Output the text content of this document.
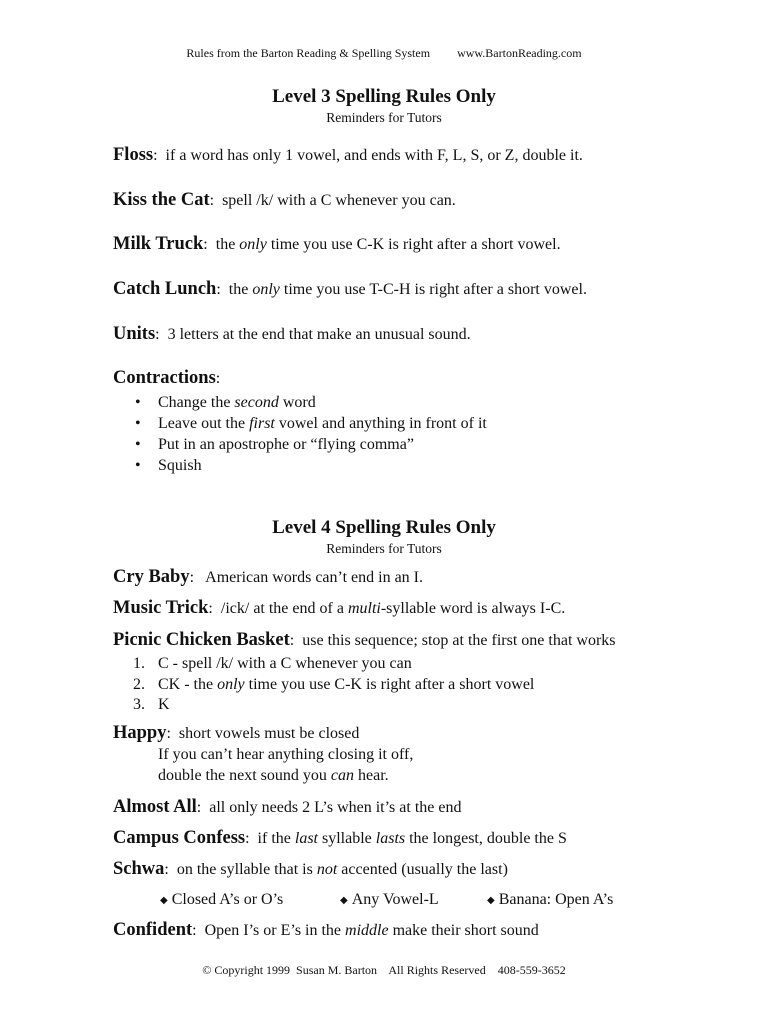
Rules from the Barton Reading & Spelling System www.BartonReading.com
Level 3 Spelling Rules Only
Reminders for Tutors
Floss:  if a word has only 1 vowel, and ends with F, L, S, or Z, double it.
Kiss the Cat:  spell /k/ with a C whenever you can.
Milk Truck:  the only time you use C-K is right after a short vowel.
Catch Lunch:  the only time you use T-C-H is right after a short vowel.
Units:  3 letters at the end that make an unusual sound.
Contractions:
• Change the second word
• Leave out the first vowel and anything in front of it
• Put in an apostrophe or “flying comma”
• Squish
Level 4 Spelling Rules Only
Reminders for Tutors
Cry Baby:   American words can’t end in an I.
Music Trick:  /ick/ at the end of a multi-syllable word is always I-C.
Picnic Chicken Basket:  use this sequence; stop at the first one that works
1. C - spell /k/ with a C whenever you can
2. CK - the only time you use C-K is right after a short vowel
3. K
Happy:  short vowels must be closed
If you can’t hear anything closing it off,
double the next sound you can hear.
Almost All:  all only needs 2 L’s when it’s at the end
Campus Confess:  if the last syllable lasts the longest, double the S
Schwa:  on the syllable that is not accented (usually the last)
◆ Closed A’s or O’s	◆ Any Vowel-L	◆ Banana: Open A’s
Confident:  Open I’s or E’s in the middle make their short sound
© Copyright 1999  Susan M. Barton    All Rights Reserved    408-559-3652
